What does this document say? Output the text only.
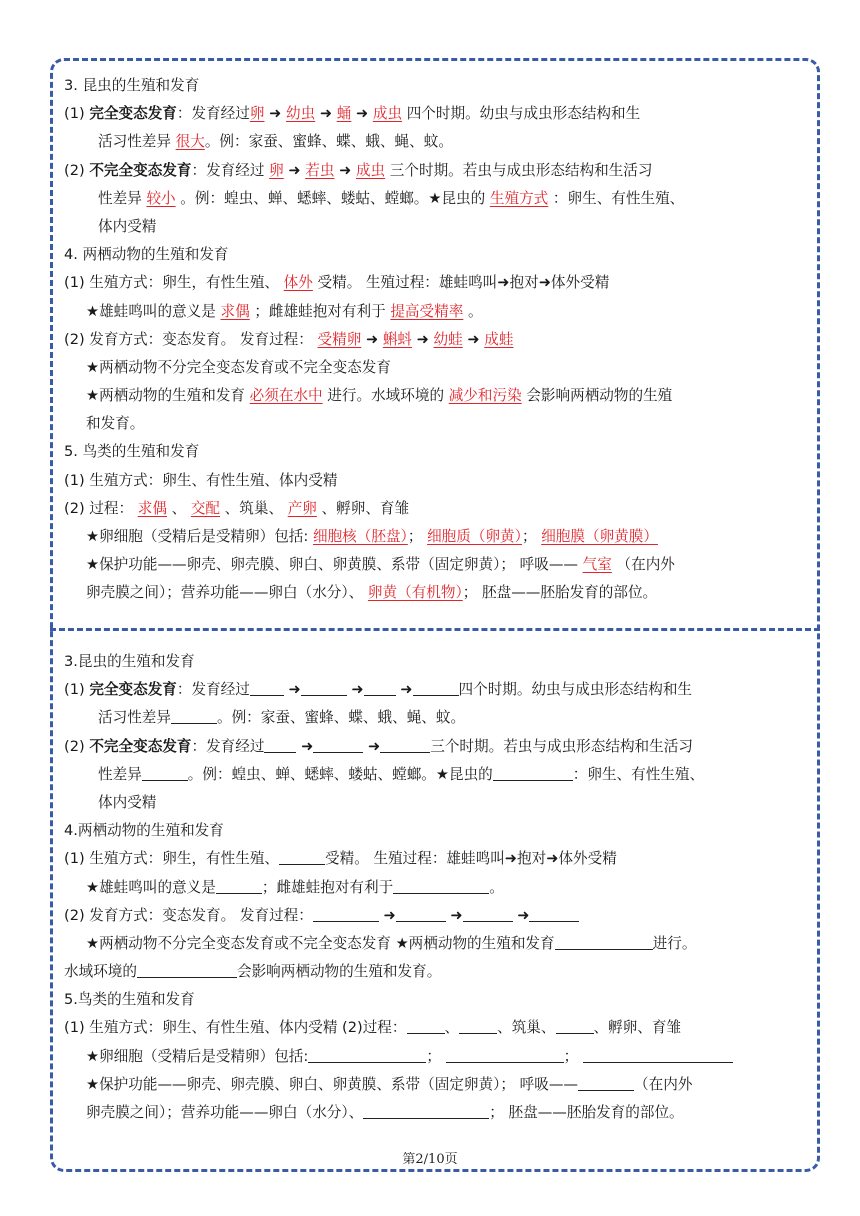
3. 昆虫的生殖和发育
(1) 完全变态发育：发育经过卵 ➜ 幼虫 ➜ 蛹 ➜ 成虫 四个时期。幼虫与成虫形态结构和生
活习性差异 很大。例：家蚕、蜜蜂、蝶、蛾、蝇、蚊。
(2) 不完全变态发育：发育经过 卵 ➜ 若虫 ➜ 成虫 三个时期。若虫与成虫形态结构和生活习
性差异 较小 。例：蝗虫、蝉、蟋蟀、蝼蛄、螳螂。★昆虫的 生殖方式 ：卵生、有性生殖、
体内受精
4. 两栖动物的生殖和发育
(1) 生殖方式：卵生，有性生殖、 体外 受精。 生殖过程：雄蛙鸣叫➜抱对➜体外受精
★雄蛙鸣叫的意义是 求偶 ；雌雄蛙抱对有利于 提高受精率 。
(2) 发育方式：变态发育。 发育过程： 受精卵 ➜ 蝌蚪 ➜ 幼蛙 ➜ 成蛙
★两栖动物不分完全变态发育或不完全变态发育
★两栖动物的生殖和发育 必须在水中 进行。水域环境的 减少和污染 会影响两栖动物的生殖
和发育。
5. 鸟类的生殖和发育
(1) 生殖方式：卵生、有性生殖、体内受精
(2) 过程： 求偶 、 交配 、筑巢、 产卵 、孵卵、育雏
★卵细胞（受精后是受精卵）包括: 细胞核（胚盘）； 细胞质（卵黄）； 细胞膜（卵黄膜）
★保护功能——卵壳、卵壳膜、卵白、卵黄膜、系带（固定卵黄）； 呼吸—— 气室 （在内外
卵壳膜之间）；营养功能——卵白（水分）、 卵黄（有机物）； 胚盘——胚胎发育的部位。
3.昆虫的生殖和发育
(1) 完全变态发育：发育经过	➜	➜	➜	四个时期。幼虫与成虫形态结构和生
活习性差异	。例：家蚕、蜜蜂、蝶、蛾、蝇、蚊。
(2) 不完全变态发育：发育经过	➜	➜	三个时期。若虫与成虫形态结构和生活习
性差异	。例：蝗虫、蝉、蟋蟀、蝼蛄、螳螂。★昆虫的	：卵生、有性生殖、
体内受精
4.两栖动物的生殖和发育
(1) 生殖方式：卵生，有性生殖、	受精。 生殖过程：雄蛙鸣叫➜抱对➜体外受精
★雄蛙鸣叫的意义是	；雌雄蛙抱对有利于	。
(2) 发育方式：变态发育。 发育过程：	➜	➜	➜
★两栖动物不分完全变态发育或不完全变态发育 ★两栖动物的生殖和发育	进行。
水域环境的	会影响两栖动物的生殖和发育。
5.鸟类的生殖和发育
(1) 生殖方式：卵生、有性生殖、体内受精 (2)过程：	、	、筑巢、	、孵卵、育雏
★卵细胞（受精后是受精卵）包括:	；	；
★保护功能——卵壳、卵壳膜、卵白、卵黄膜、系带（固定卵黄）； 呼吸——	（在内外
卵壳膜之间）；营养功能——卵白（水分）、	； 胚盘——胚胎发育的部位。
第2/10页
